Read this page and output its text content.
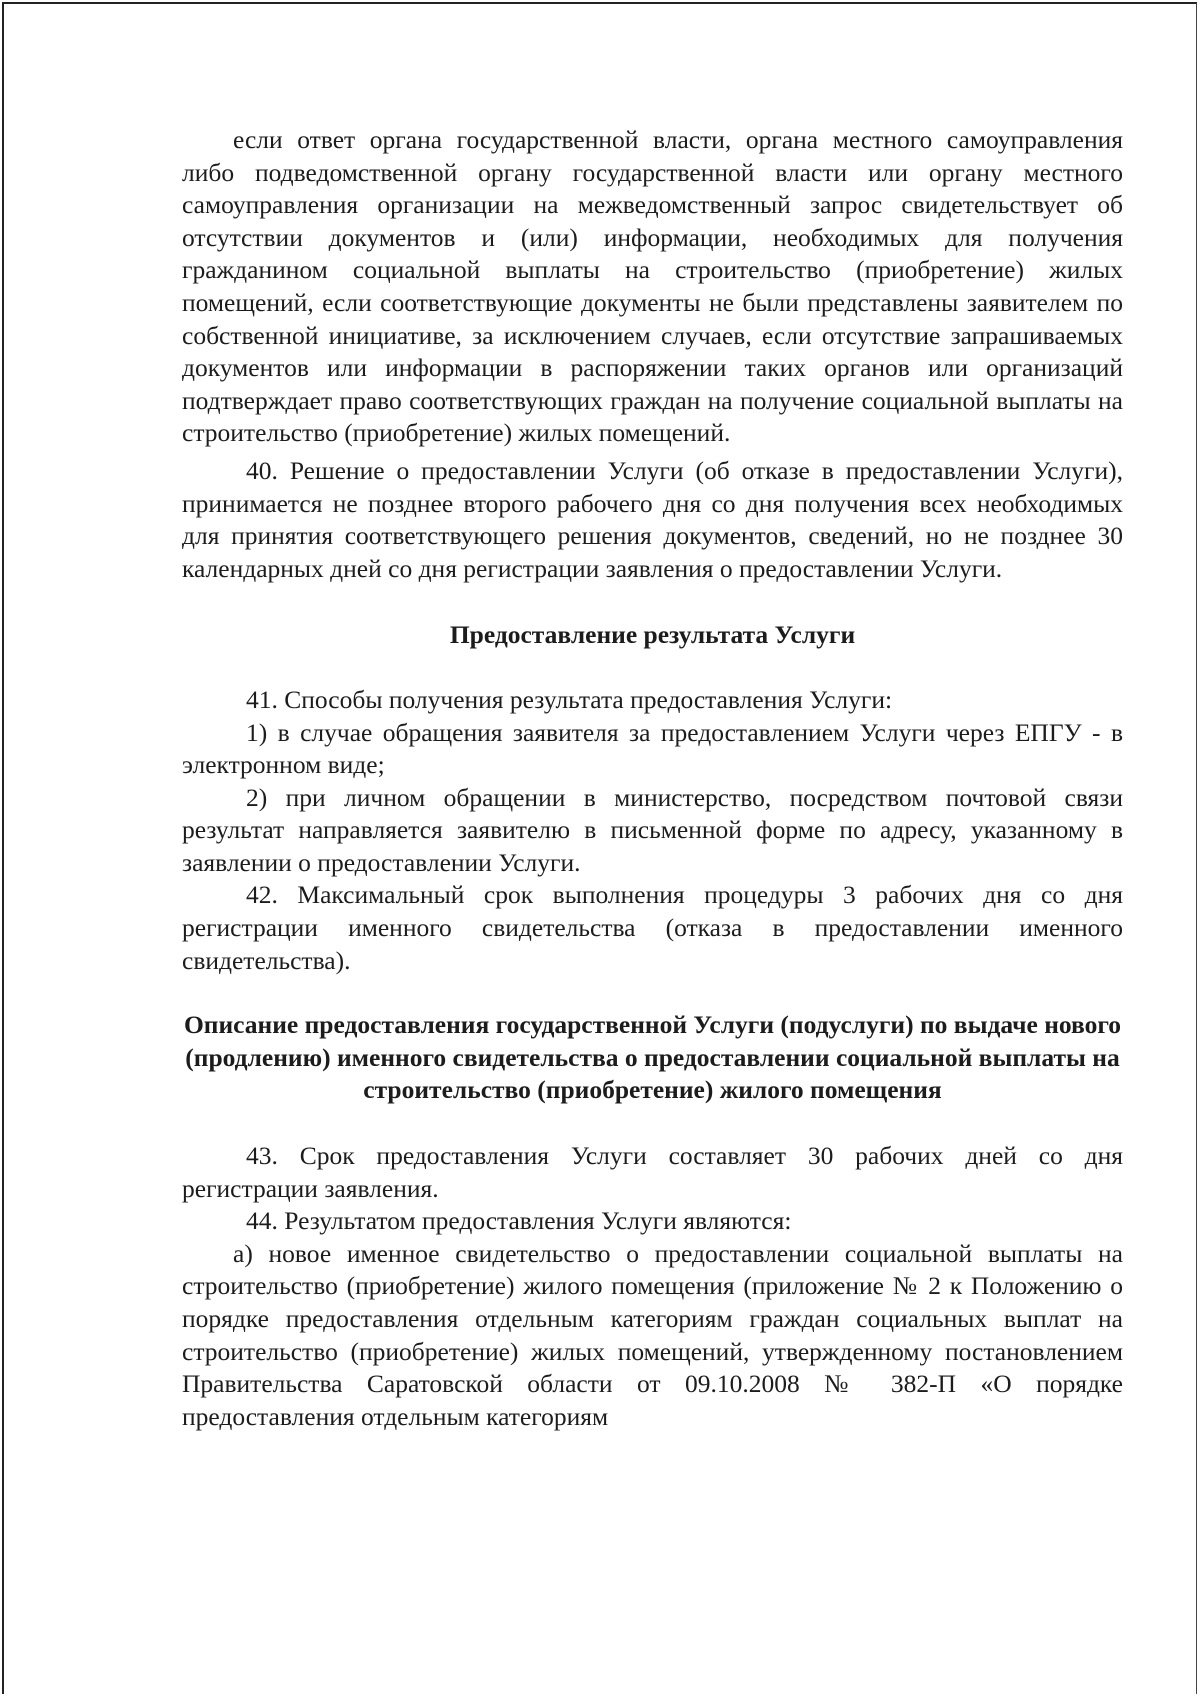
если ответ органа государственной власти, органа местного самоуправления либо подведомственной органу государственной власти или органу местного самоуправления организации на межведомственный запрос свидетельствует об отсутствии документов и (или) информации, необходимых для получения гражданином социальной выплаты на строительство (приобретение) жилых помещений, если соответствующие документы не были представлены заявителем по собственной инициативе, за исключением случаев, если отсутствие запрашиваемых документов или информации в распоряжении таких органов или организаций подтверждает право соответствующих граждан на получение социальной выплаты на строительство (приобретение) жилых помещений.

40. Решение о предоставлении Услуги (об отказе в предоставлении Услуги), принимается не позднее второго рабочего дня со дня получения всех необходимых для принятия соответствующего решения документов, сведений, но не позднее 30 календарных дней со дня регистрации заявления о предоставлении Услуги.

Предоставление результата Услуги

41. Способы получения результата предоставления Услуги:

1) в случае обращения заявителя за предоставлением Услуги через ЕПГУ - в электронном виде;

2) при личном обращении в министерство, посредством почтовой связи результат направляется заявителю в письменной форме по адресу, указанному в заявлении о предоставлении Услуги.

42. Максимальный срок выполнения процедуры 3 рабочих дня со дня регистрации именного свидетельства (отказа в предоставлении именного свидетельства).

Описание предоставления государственной Услуги (подуслуги) по выдаче нового (продлению) именного свидетельства о предоставлении социальной выплаты на строительство (приобретение) жилого помещения

43. Срок предоставления Услуги составляет 30 рабочих дней со дня регистрации заявления.

44. Результатом предоставления Услуги являются:

а) новое именное свидетельство о предоставлении социальной выплаты на строительство (приобретение) жилого помещения (приложение № 2 к Положению о порядке предоставления отдельным категориям граждан социальных выплат на строительство (приобретение) жилых помещений, утвержденному постановлением Правительства Саратовской области от 09.10.2008 № 382-П «О порядке предоставления отдельным категориям
